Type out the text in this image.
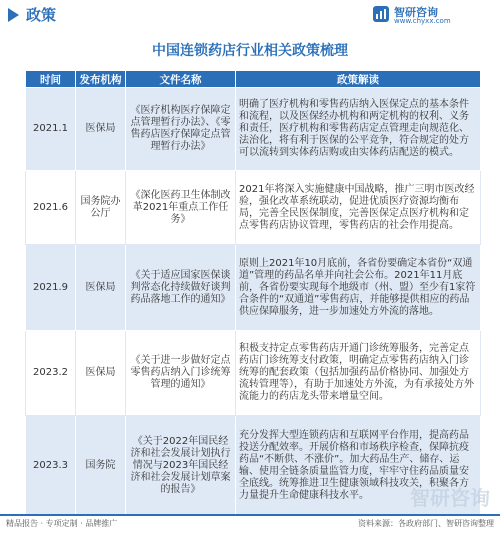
政策	智研咨询
www.chyxx.com
中国连锁药店行业相关政策梳理
时间	发布机构	文件名称	政策解读
2021.1	医保局	《医疗机构医疗保障定点管理暂行办法》、《零售药店医疗保障定点管理暂行办法》	明确了医疗机构和零售药店纳入医保定点的基本条件和流程，以及医保经办机构和两定机构的权利、义务和责任，医疗机构和零售药店定点管理走向规范化、法治化，将有利于医保的公平竞争，符合规定的处方可以流转到实体药店购或由实体药店配送的模式。
2021.6	国务院办公厅	《深化医药卫生体制改革2021年重点工作任务》	2021年将深入实施健康中国战略，推广三明市医改经验，强化改革系统联动，促进优质医疗资源均衡布局，完善全民医保制度，完善医保定点医疗机构和定点零售药店协议管理，零售药店的社会作用提高。
2021.9	医保局	《关于适应国家医保谈判常态化持续做好谈判药品落地工作的通知》	原则上2021年10月底前，各省份要确定本省份“双通道”管理的药品名单并向社会公布。2021年11月底前，各省份要实现每个地级市（州、盟）至少有1家符合条件的“双通道”零售药店，并能够提供相应的药品供应保障服务，进一步加速处方外流的落地。
2023.2	医保局	《关于进一步做好定点零售药店纳入门诊统筹管理的通知》	积极支持定点零售药店开通门诊统筹服务，完善定点药店门诊统筹支付政策，明确定点零售药店纳入门诊统筹的配套政策（包括加强药品价格协同、加强处方流转管理等），有助于加速处方外流，为有承接处方外流能力的药店龙头带来增量空间。
2023.3	国务院	《关于2022年国民经济和社会发展计划执行情况与2023年国民经济和社会发展计划草案的报告》	充分发挥大型连锁药店和互联网平台作用，提高药品投送分配效率。开展价格和市场秩序检查，保障抗疫药品“不断供、不涨价”。加大药品生产、储存、运输、使用全链条质量监管力度，牢牢守住药品质量安全底线。统筹推进卫生健康领域科技攻关，积聚各方力量提升生命健康科技水平。 智研咨询
精品报告 · 专项定制 · 品牌推广	资料来源：各政府部门、智研咨询整理
